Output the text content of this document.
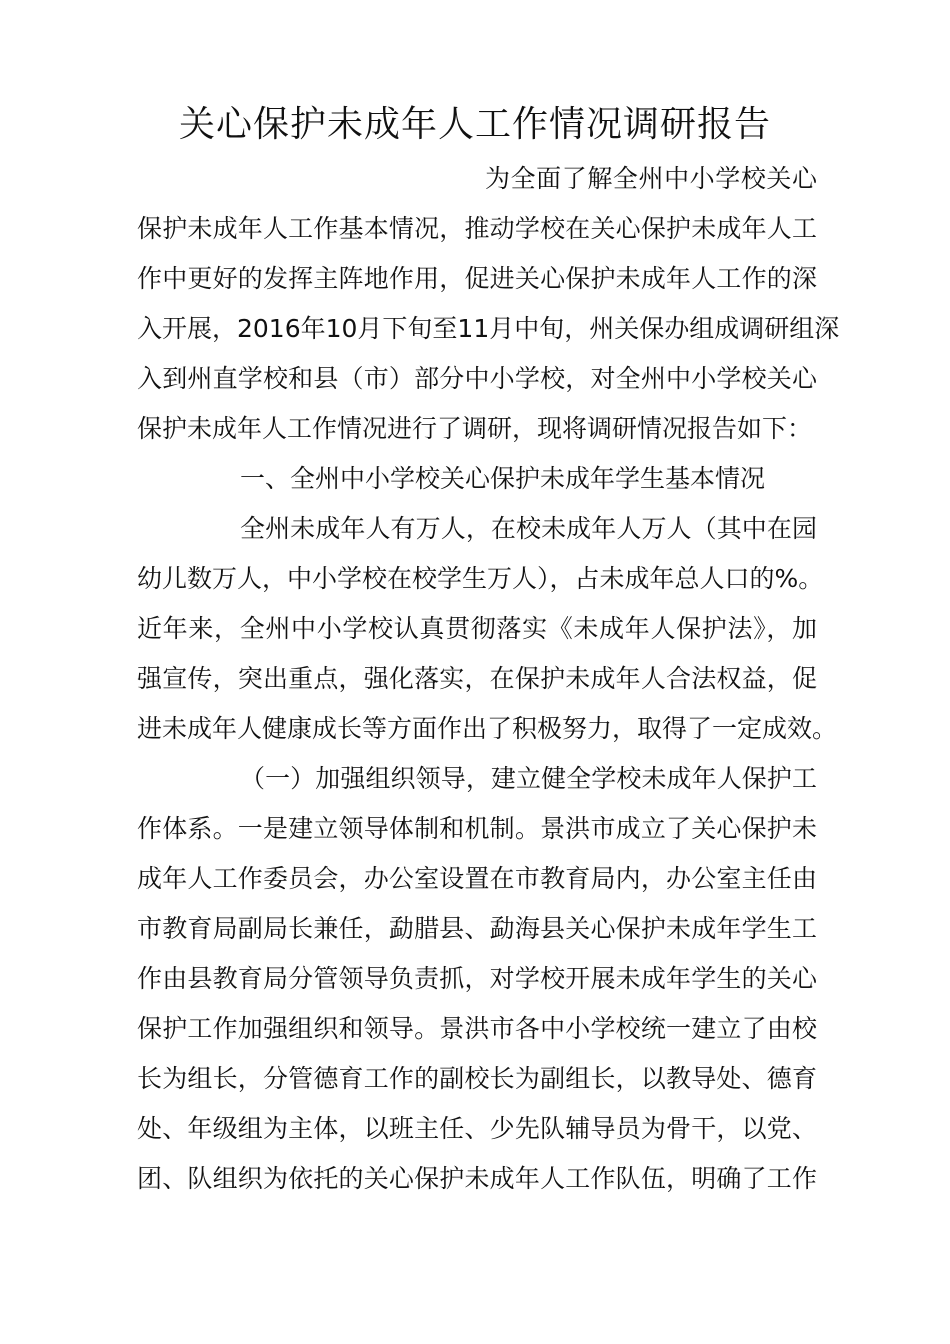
关心保护未成年人工作情况调研报告

为全面了解全州中小学校关心

保护未成年人工作基本情况，推动学校在关心保护未成年人工

作中更好的发挥主阵地作用，促进关心保护未成年人工作的深

入开展，2016年10月下旬至11月中旬，州关保办组成调研组深

入到州直学校和县（市）部分中小学校，对全州中小学校关心

保护未成年人工作情况进行了调研，现将调研情况报告如下：

一、全州中小学校关心保护未成年学生基本情况

全州未成年人有万人，在校未成年人万人（其中在园

幼儿数万人，中小学校在校学生万人），占未成年总人口的%。

近年来，全州中小学校认真贯彻落实《未成年人保护法》，加

强宣传，突出重点，强化落实，在保护未成年人合法权益，促

进未成年人健康成长等方面作出了积极努力，取得了一定成效。

（一）加强组织领导，建立健全学校未成年人保护工

作体系。一是建立领导体制和机制。景洪市成立了关心保护未

成年人工作委员会，办公室设置在市教育局内，办公室主任由

市教育局副局长兼任，勐腊县、勐海县关心保护未成年学生工

作由县教育局分管领导负责抓，对学校开展未成年学生的关心

保护工作加强组织和领导。景洪市各中小学校统一建立了由校

长为组长，分管德育工作的副校长为副组长，以教导处、德育

处、年级组为主体，以班主任、少先队辅导员为骨干，以党、

团、队组织为依托的关心保护未成年人工作队伍，明确了工作
